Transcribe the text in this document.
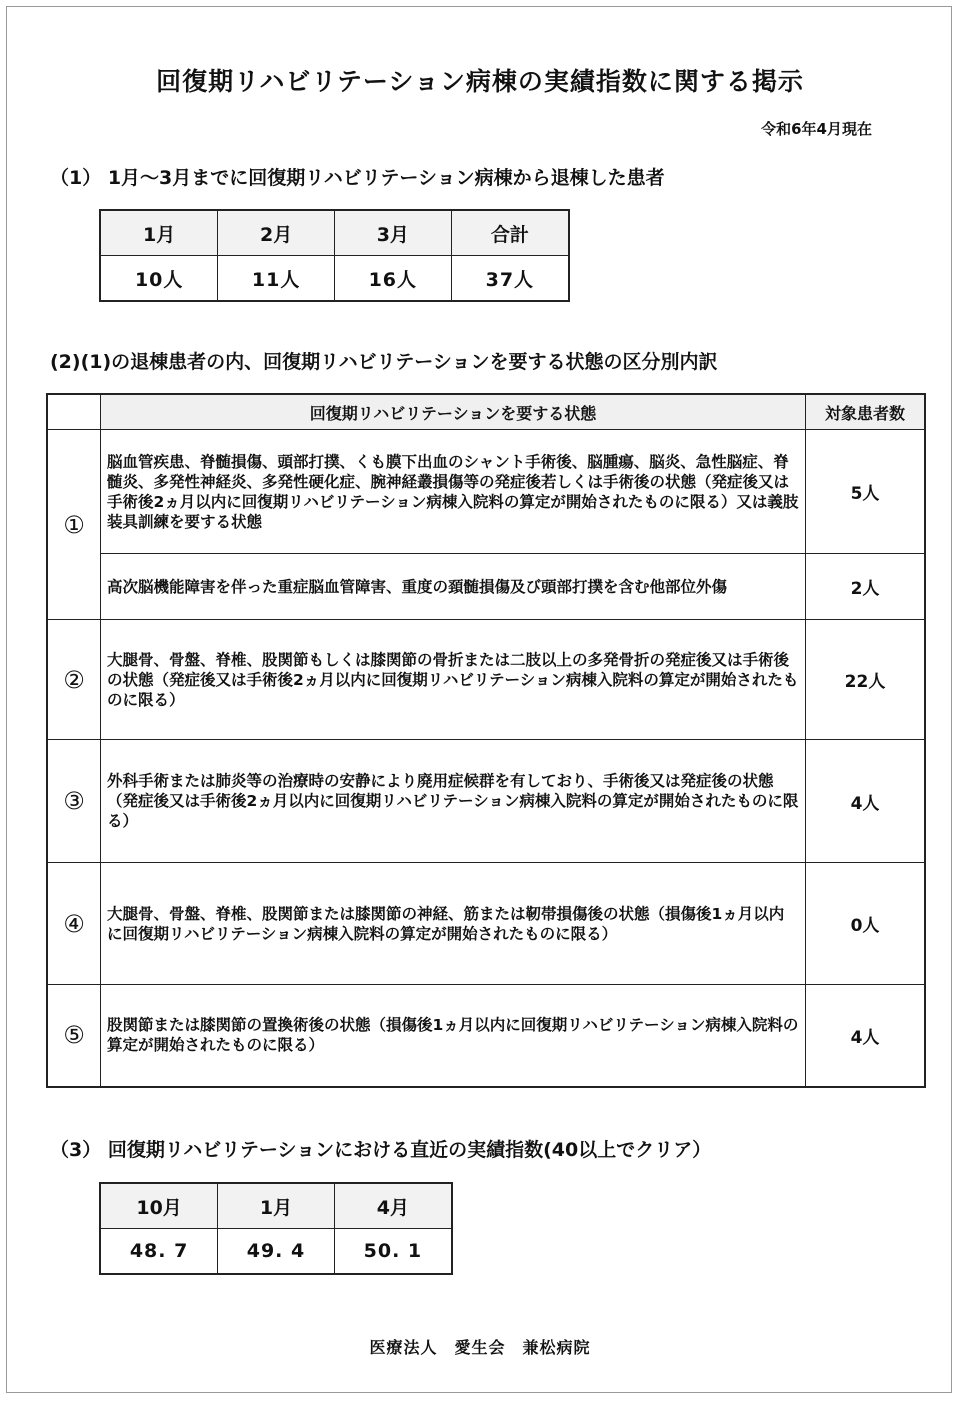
回復期リハビリテーション病棟の実績指数に関する掲示
令和6年4月現在
（1） 1月～3月までに回復期リハビリテーション病棟から退棟した患者
1月	2月	3月	合計
10人	11人	16人	37人
(2)(1)の退棟患者の内、回復期リハビリテーションを要する状態の区分別内訳
	回復期リハビリテーションを要する状態	対象患者数
①	脳血管疾患、脊髄損傷、頭部打撲、くも膜下出血のシャント手術後、脳腫瘍、脳炎、急性脳症、脊髄炎、多発性神経炎、多発性硬化症、腕神経叢損傷等の発症後若しくは手術後の状態（発症後又は手術後2ヵ月以内に回復期リハビリテーション病棟入院料の算定が開始されたものに限る）又は義肢装具訓練を要する状態	5人
	高次脳機能障害を伴った重症脳血管障害、重度の頚髄損傷及び頭部打撲を含む他部位外傷	2人
②	大腿骨、骨盤、脊椎、股関節もしくは膝関節の骨折または二肢以上の多発骨折の発症後又は手術後の状態（発症後又は手術後2ヵ月以内に回復期リハビリテーション病棟入院料の算定が開始されたものに限る）	22人
③	外科手術または肺炎等の治療時の安静により廃用症候群を有しており、手術後又は発症後の状態（発症後又は手術後2ヵ月以内に回復期リハビリテーション病棟入院料の算定が開始されたものに限る）	4人
④	大腿骨、骨盤、脊椎、股関節または膝関節の神経、筋または靭帯損傷後の状態（損傷後1ヵ月以内に回復期リハビリテーション病棟入院料の算定が開始されたものに限る）	0人
⑤	股関節または膝関節の置換術後の状態（損傷後1ヵ月以内に回復期リハビリテーション病棟入院料の算定が開始されたものに限る）	4人
（3） 回復期リハビリテーションにおける直近の実績指数(40以上でクリア）
10月	1月	4月
48. 7	49. 4	50. 1
医療法人　愛生会　兼松病院
